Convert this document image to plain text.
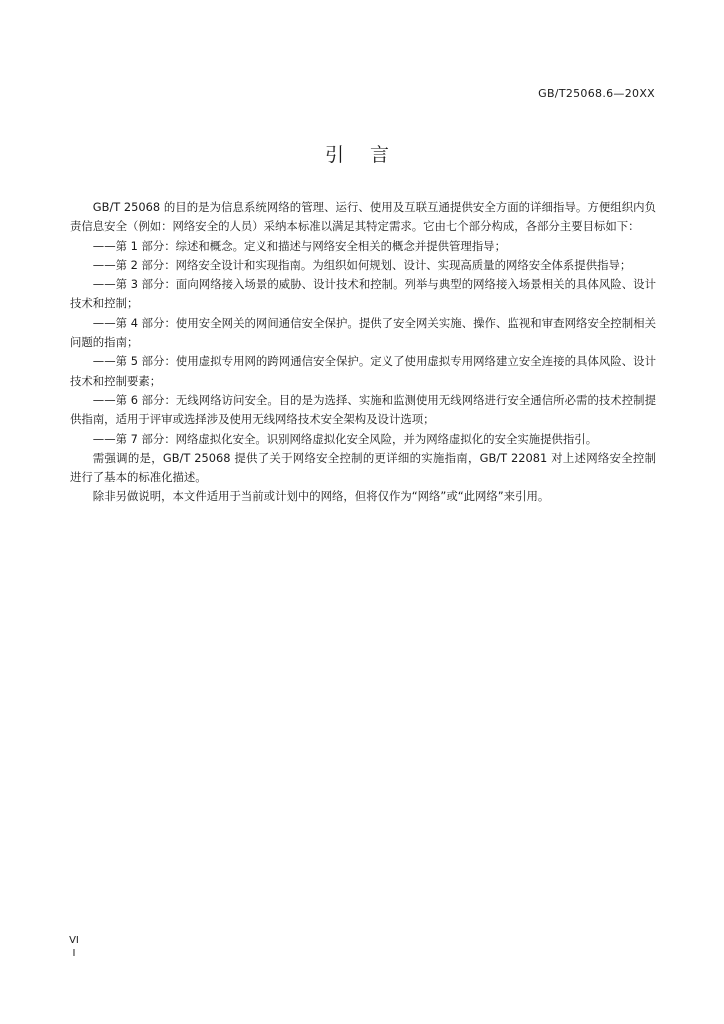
GB/T25068.6—20XX
引 言

GB/T 25068 的目的是为信息系统网络的管理、运行、使用及互联互通提供安全方面的详细指导。方便组织内负责信息安全（例如：网络安全的人员）采纳本标准以满足其特定需求。它由七个部分构成，各部分主要目标如下：

——第 1 部分：综述和概念。定义和描述与网络安全相关的概念并提供管理指导；

——第 2 部分：网络安全设计和实现指南。为组织如何规划、设计、实现高质量的网络安全体系提供指导；

——第 3 部分：面向网络接入场景的威胁、设计技术和控制。列举与典型的网络接入场景相关的具体风险、设计技术和控制；

——第 4 部分：使用安全网关的网间通信安全保护。提供了安全网关实施、操作、监视和审查网络安全控制相关问题的指南；

——第 5 部分：使用虚拟专用网的跨网通信安全保护。定义了使用虚拟专用网络建立安全连接的具体风险、设计技术和控制要素；

——第 6 部分：无线网络访问安全。目的是为选择、实施和监测使用无线网络进行安全通信所必需的技术控制提供指南，适用于评审或选择涉及使用无线网络技术安全架构及设计选项；

——第 7 部分：网络虚拟化安全。识别网络虚拟化安全风险，并为网络虚拟化的安全实施提供指引。

需强调的是，GB/T 25068 提供了关于网络安全控制的更详细的实施指南，GB/T 22081 对上述网络安全控制进行了基本的标准化描述。

除非另做说明，本文件适用于当前或计划中的网络，但将仅作为“网络”或“此网络”来引用。

VII
